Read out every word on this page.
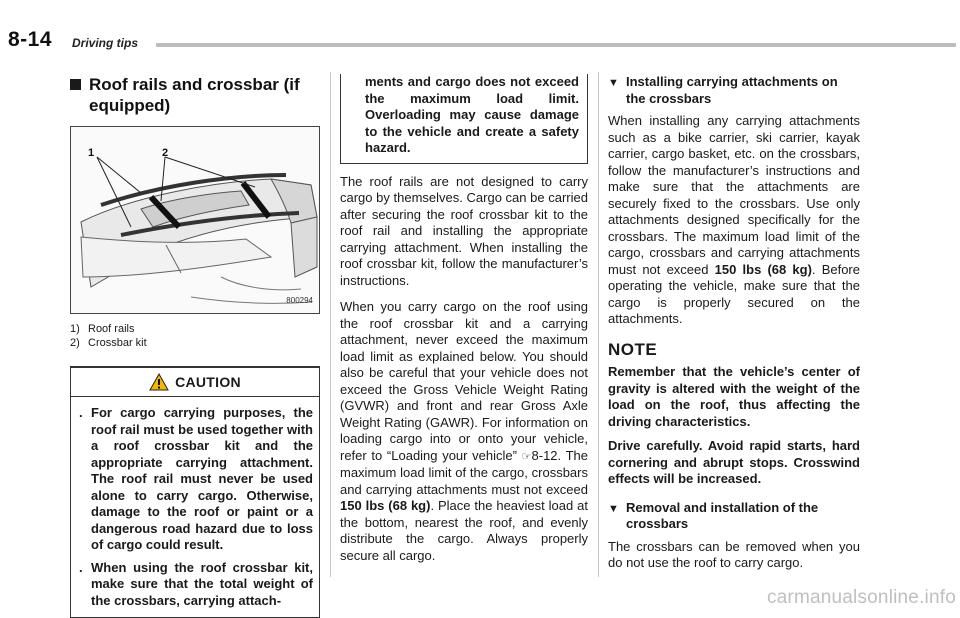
8-14 Driving tips
Roof rails and crossbar (if equipped)
1	2
800294
1) Roof rails
2) Crossbar kit
CAUTION
. For cargo carrying purposes, the roof rail must be used together with a roof crossbar kit and the appropriate carrying attachment. The roof rail must never be used alone to carry cargo. Otherwise, damage to the roof or paint or a dangerous road hazard due to loss of cargo could result.
. When using the roof crossbar kit, make sure that the total weight of the crossbars, carrying attach-
ments and cargo does not exceed the maximum load limit. Overloading may cause damage to the vehicle and create a safety hazard.

The roof rails are not designed to carry cargo by themselves. Cargo can be carried after securing the roof crossbar kit to the roof rail and installing the appropriate carrying attachment. When installing the roof crossbar kit, follow the manufacturer’s instructions.

When you carry cargo on the roof using the roof crossbar kit and a carrying attachment, never exceed the maximum load limit as explained below. You should also be careful that your vehicle does not exceed the Gross Vehicle Weight Rating (GVWR) and front and rear Gross Axle Weight Rating (GAWR). For information on loading cargo into or onto your vehicle, refer to “Loading your vehicle” ☞8-12. The maximum load limit of the cargo, crossbars and carrying attachments must not exceed 150 lbs (68 kg). Place the heaviest load at the bottom, nearest the roof, and evenly distribute the cargo. Always properly secure all cargo.

▼ Installing carrying attachments on the crossbars

When installing any carrying attachments such as a bike carrier, ski carrier, kayak carrier, cargo basket, etc. on the crossbars, follow the manufacturer’s instructions and make sure that the attachments are securely fixed to the crossbars. Use only attachments designed specifically for the crossbars. The maximum load limit of the cargo, crossbars and carrying attachments must not exceed 150 lbs (68 kg). Before operating the vehicle, make sure that the cargo is properly secured on the attachments.

NOTE

Remember that the vehicle’s center of gravity is altered with the weight of the load on the roof, thus affecting the driving characteristics.

Drive carefully. Avoid rapid starts, hard cornering and abrupt stops. Crosswind effects will be increased.

▼ Removal and installation of the crossbars

The crossbars can be removed when you do not use the roof to carry cargo.

carmanualsonline.info
